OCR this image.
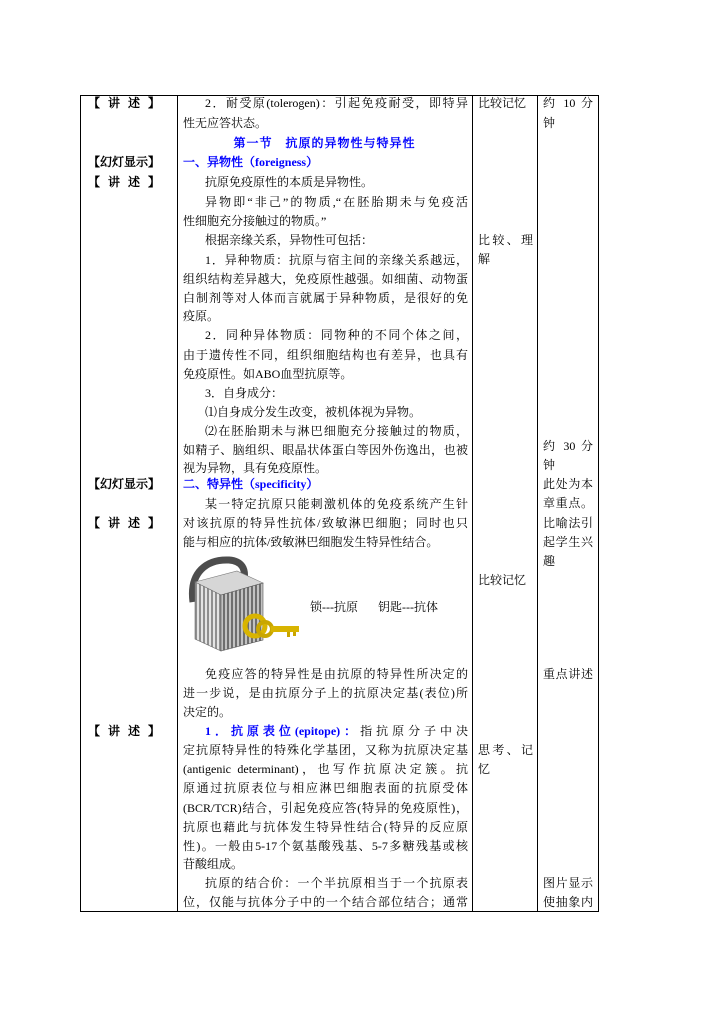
【讲述】
【幻灯显示】
【讲述】
【幻灯显示】
【讲述】
【讲述】
2．耐受原(tolerogen)：引起免疫耐受，即特异
性无应答状态。
第一节　抗原的异物性与特异性
一、异物性（foreigness）
抗原免疫原性的本质是异物性。
异物即“非己”的物质,“在胚胎期未与免疫活
性细胞充分接触过的物质。”
根据亲缘关系，异物性可包括：
1．异种物质：抗原与宿主间的亲缘关系越远，
组织结构差异越大，免疫原性越强。如细菌、动物蛋
白制剂等对人体而言就属于异种物质，是很好的免
疫原。
2．同种异体物质：同物种的不同个体之间，
由于遗传性不同，组织细胞结构也有差异，也具有
免疫原性。如ABO血型抗原等。
3．自身成分：
⑴自身成分发生改变，被机体视为异物。
⑵在胚胎期未与淋巴细胞充分接触过的物质，
如精子、脑组织、眼晶状体蛋白等因外伤逸出，也被
视为异物，具有免疫原性。
二、特异性（specificity）
某一特定抗原只能刺激机体的免疫系统产生针
对该抗原的特异性抗体/致敏淋巴细胞；同时也只
能与相应的抗体/致敏淋巴细胞发生特异性结合。
锁---抗原 钥匙---抗体
免疫应答的特异性是由抗原的特异性所决定的
进一步说，是由抗原分子上的抗原决定基(表位)所
决定的。
1．抗原表位(epitope)：指抗原分子中决
定抗原特异性的特殊化学基团，又称为抗原决定基
(antigenic determinant)，也写作抗原决定簇。抗
原通过抗原表位与相应淋巴细胞表面的抗原受体
(BCR/TCR)结合，引起免疫应答(特异的免疫原性)，
抗原也藉此与抗体发生特异性结合(特异的反应原
性)。一般由5-17个氨基酸残基、5-7多糖残基或核
苷酸组成。
抗原的结合价：一个半抗原相当于一个抗原表
位，仅能与抗体分子中的一个结合部位结合；通常
比较记忆
比较、理
解
比较记忆
思考、记
忆
约 10 分
钟
约 30 分
钟
此处为本
章重点。
比喻法引
起学生兴
趣
重点讲述
图片显示
使抽象内
